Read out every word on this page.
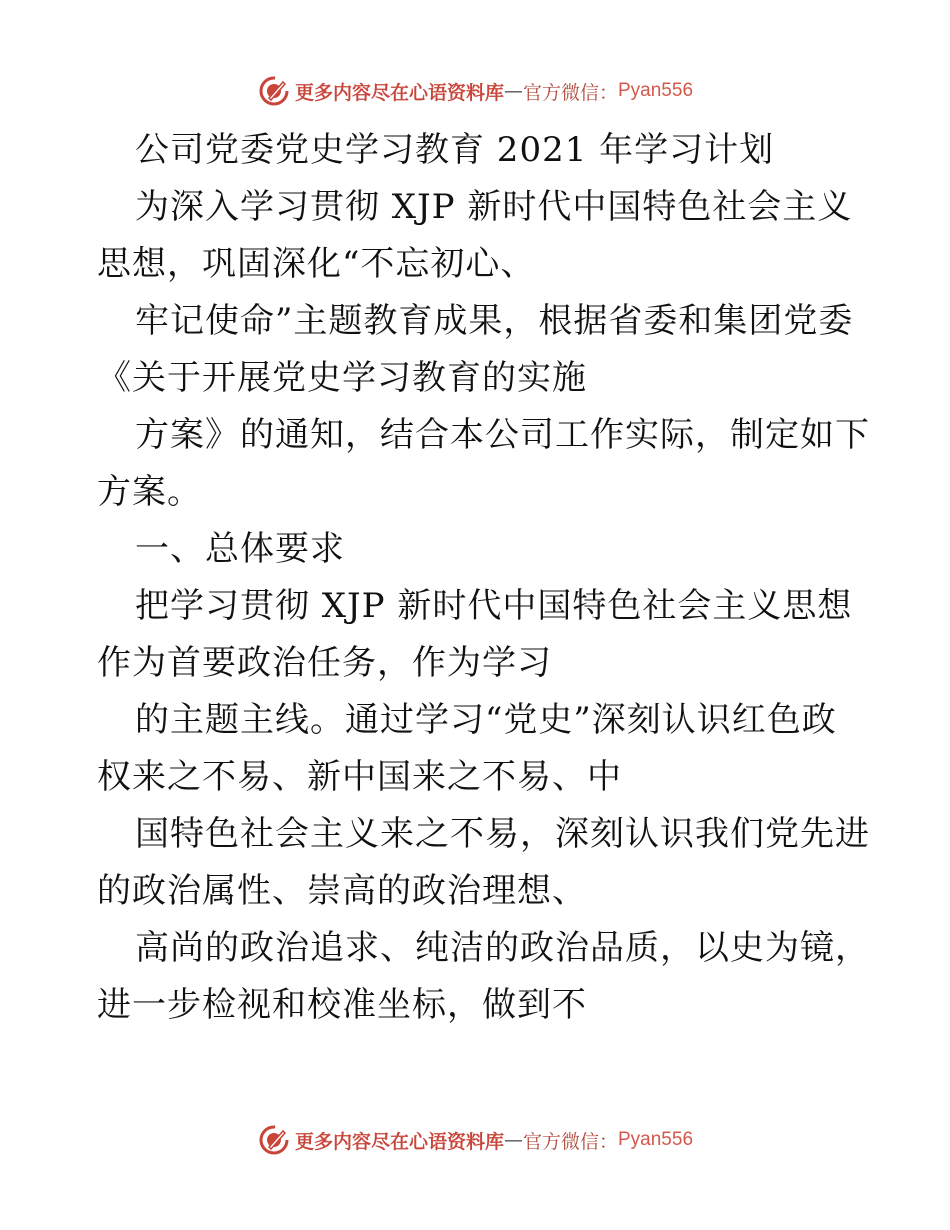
更多内容尽在心语资料库 — 官方微信： Pyan556
公司党委党史学习教育 2021 年学习计划
为深入学习贯彻 XJP 新时代中国特色社会主义
思想，巩固深化“不忘初心、
牢记使命”主题教育成果，根据省委和集团党委
《关于开展党史学习教育的实施
方案》的通知，结合本公司工作实际，制定如下
方案。
一、总体要求
把学习贯彻 XJP 新时代中国特色社会主义思想
作为首要政治任务，作为学习
的主题主线。通过学习“党史”深刻认识红色政
权来之不易、新中国来之不易、中
国特色社会主义来之不易，深刻认识我们党先进
的政治属性、崇高的政治理想、
高尚的政治追求、纯洁的政治品质，以史为镜，
进一步检视和校准坐标，做到不
更多内容尽在心语资料库 — 官方微信： Pyan556
